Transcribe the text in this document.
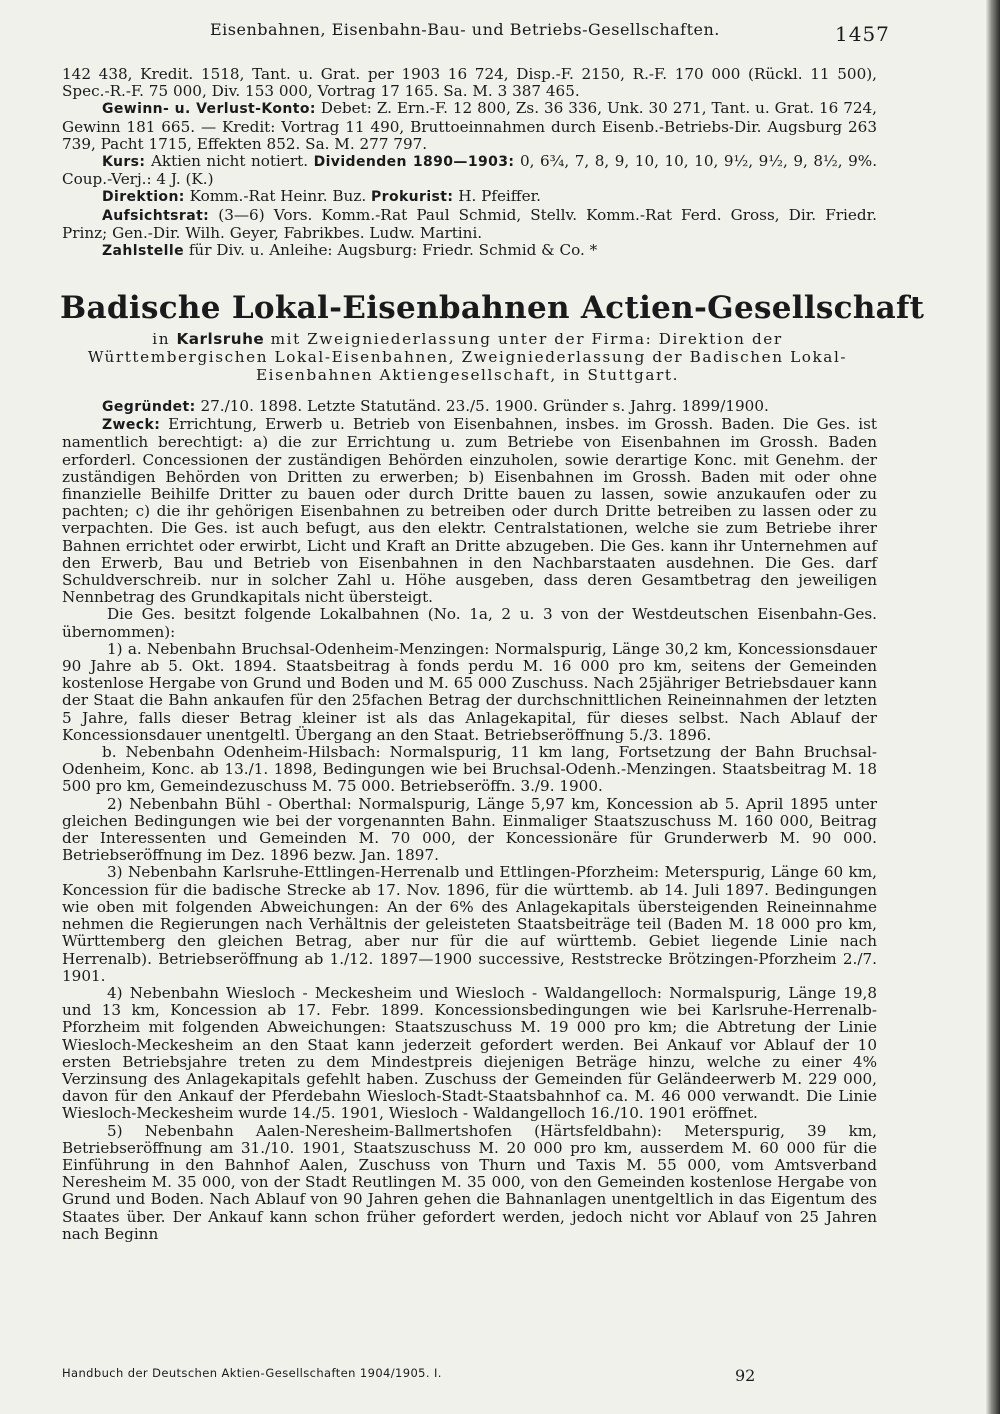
Eisenbahnen, Eisenbahn-Bau- und Betriebs-Gesellschaften.	1457

142 438, Kredit. 1518, Tant. u. Grat. per 1903 16 724, Disp.-F. 2150, R.-F. 170 000 (Rückl. 11 500), Spec.-R.-F. 75 000, Div. 153 000, Vortrag 17 165. Sa. M. 3 387 465.

Gewinn- u. Verlust-Konto: Debet: Z. Ern.-F. 12 800, Zs. 36 336, Unk. 30 271, Tant. u. Grat. 16 724, Gewinn 181 665. — Kredit: Vortrag 11 490, Bruttoeinnahmen durch Eisenb.-Betriebs-Dir. Augsburg 263 739, Pacht 1715, Effekten 852. Sa. M. 277 797.

Kurs: Aktien nicht notiert. Dividenden 1890—1903: 0, 6¾, 7, 8, 9, 10, 10, 10, 9½, 9½, 9, 8½, 9%. Coup.-Verj.: 4 J. (K.)

Direktion: Komm.-Rat Heinr. Buz. Prokurist: H. Pfeiffer.

Aufsichtsrat: (3—6) Vors. Komm.-Rat Paul Schmid, Stellv. Komm.-Rat Ferd. Gross, Dir. Friedr. Prinz; Gen.-Dir. Wilh. Geyer, Fabrikbes. Ludw. Martini.

Zahlstelle für Div. u. Anleihe: Augsburg: Friedr. Schmid & Co. *

Badische Lokal-Eisenbahnen Actien-Gesellschaft
in Karlsruhe mit Zweigniederlassung unter der Firma: Direktion der Württembergischen Lokal-Eisenbahnen, Zweigniederlassung der Badischen Lokal-Eisenbahnen Aktiengesellschaft, in Stuttgart.

Gegründet: 27./10. 1898. Letzte Statutänd. 23./5. 1900. Gründer s. Jahrg. 1899/1900.

Zweck: Errichtung, Erwerb u. Betrieb von Eisenbahnen, insbes. im Grossh. Baden. Die Ges. ist namentlich berechtigt: a) die zur Errichtung u. zum Betriebe von Eisenbahnen im Grossh. Baden erforderl. Concessionen der zuständigen Behörden einzuholen, sowie derartige Konc. mit Genehm. der zuständigen Behörden von Dritten zu erwerben; b) Eisenbahnen im Grossh. Baden mit oder ohne finanzielle Beihilfe Dritter zu bauen oder durch Dritte bauen zu lassen, sowie anzukaufen oder zu pachten; c) die ihr gehörigen Eisenbahnen zu betreiben oder durch Dritte betreiben zu lassen oder zu verpachten. Die Ges. ist auch befugt, aus den elektr. Centralstationen, welche sie zum Betriebe ihrer Bahnen errichtet oder erwirbt, Licht und Kraft an Dritte abzugeben. Die Ges. kann ihr Unternehmen auf den Erwerb, Bau und Betrieb von Eisenbahnen in den Nachbarstaaten ausdehnen. Die Ges. darf Schuldverschreib. nur in solcher Zahl u. Höhe ausgeben, dass deren Gesamtbetrag den jeweiligen Nennbetrag des Grundkapitals nicht übersteigt.

Die Ges. besitzt folgende Lokalbahnen (No. 1a, 2 u. 3 von der Westdeutschen Eisenbahn-Ges. übernommen):

1) a. Nebenbahn Bruchsal-Odenheim-Menzingen: Normalspurig, Länge 30,2 km, Koncessionsdauer 90 Jahre ab 5. Okt. 1894. Staatsbeitrag à fonds perdu M. 16 000 pro km, seitens der Gemeinden kostenlose Hergabe von Grund und Boden und M. 65 000 Zuschuss. Nach 25jähriger Betriebsdauer kann der Staat die Bahn ankaufen für den 25fachen Betrag der durchschnittlichen Reineinnahmen der letzten 5 Jahre, falls dieser Betrag kleiner ist als das Anlagekapital, für dieses selbst. Nach Ablauf der Koncessionsdauer unentgeltl. Übergang an den Staat. Betriebseröffnung 5./3. 1896.

b. Nebenbahn Odenheim-Hilsbach: Normalspurig, 11 km lang, Fortsetzung der Bahn Bruchsal-Odenheim, Konc. ab 13./1. 1898, Bedingungen wie bei Bruchsal-Odenh.-Menzingen. Staatsbeitrag M. 18 500 pro km, Gemeindezuschuss M. 75 000. Betriebseröffn. 3./9. 1900.

2) Nebenbahn Bühl - Oberthal: Normalspurig, Länge 5,97 km, Koncession ab 5. April 1895 unter gleichen Bedingungen wie bei der vorgenannten Bahn. Einmaliger Staatszuschuss M. 160 000, Beitrag der Interessenten und Gemeinden M. 70 000, der Koncessionäre für Grunderwerb M. 90 000. Betriebseröffnung im Dez. 1896 bezw. Jan. 1897.

3) Nebenbahn Karlsruhe-Ettlingen-Herrenalb und Ettlingen-Pforzheim: Meterspurig, Länge 60 km, Koncession für die badische Strecke ab 17. Nov. 1896, für die württemb. ab 14. Juli 1897. Bedingungen wie oben mit folgenden Abweichungen: An der 6% des Anlagekapitals übersteigenden Reineinnahme nehmen die Regierungen nach Verhältnis der geleisteten Staatsbeiträge teil (Baden M. 18 000 pro km, Württemberg den gleichen Betrag, aber nur für die auf württemb. Gebiet liegende Linie nach Herrenalb). Betriebseröffnung ab 1./12. 1897—1900 successive, Reststrecke Brötzingen-Pforzheim 2./7. 1901.

4) Nebenbahn Wiesloch - Meckesheim und Wiesloch - Waldangelloch: Normalspurig, Länge 19,8 und 13 km, Koncession ab 17. Febr. 1899. Koncessionsbedingungen wie bei Karlsruhe-Herrenalb-Pforzheim mit folgenden Abweichungen: Staatszuschuss M. 19 000 pro km; die Abtretung der Linie Wiesloch-Meckesheim an den Staat kann jederzeit gefordert werden. Bei Ankauf vor Ablauf der 10 ersten Betriebsjahre treten zu dem Mindestpreis diejenigen Beträge hinzu, welche zu einer 4% Verzinsung des Anlagekapitals gefehlt haben. Zuschuss der Gemeinden für Geländeerwerb M. 229 000, davon für den Ankauf der Pferdebahn Wiesloch-Stadt-Staatsbahnhof ca. M. 46 000 verwandt. Die Linie Wiesloch-Meckesheim wurde 14./5. 1901, Wiesloch - Waldangelloch 16./10. 1901 eröffnet.

5) Nebenbahn Aalen-Neresheim-Ballmertshofen (Härtsfeldbahn): Meterspurig, 39 km, Betriebseröffnung am 31./10. 1901, Staatszuschuss M. 20 000 pro km, ausserdem M. 60 000 für die Einführung in den Bahnhof Aalen, Zuschuss von Thurn und Taxis M. 55 000, vom Amtsverband Neresheim M. 35 000, von der Stadt Reutlingen M. 35 000, von den Gemeinden kostenlose Hergabe von Grund und Boden. Nach Ablauf von 90 Jahren gehen die Bahnanlagen unentgeltlich in das Eigentum des Staates über. Der Ankauf kann schon früher gefordert werden, jedoch nicht vor Ablauf von 25 Jahren nach Beginn

Handbuch der Deutschen Aktien-Gesellschaften 1904/1905. I.	92
